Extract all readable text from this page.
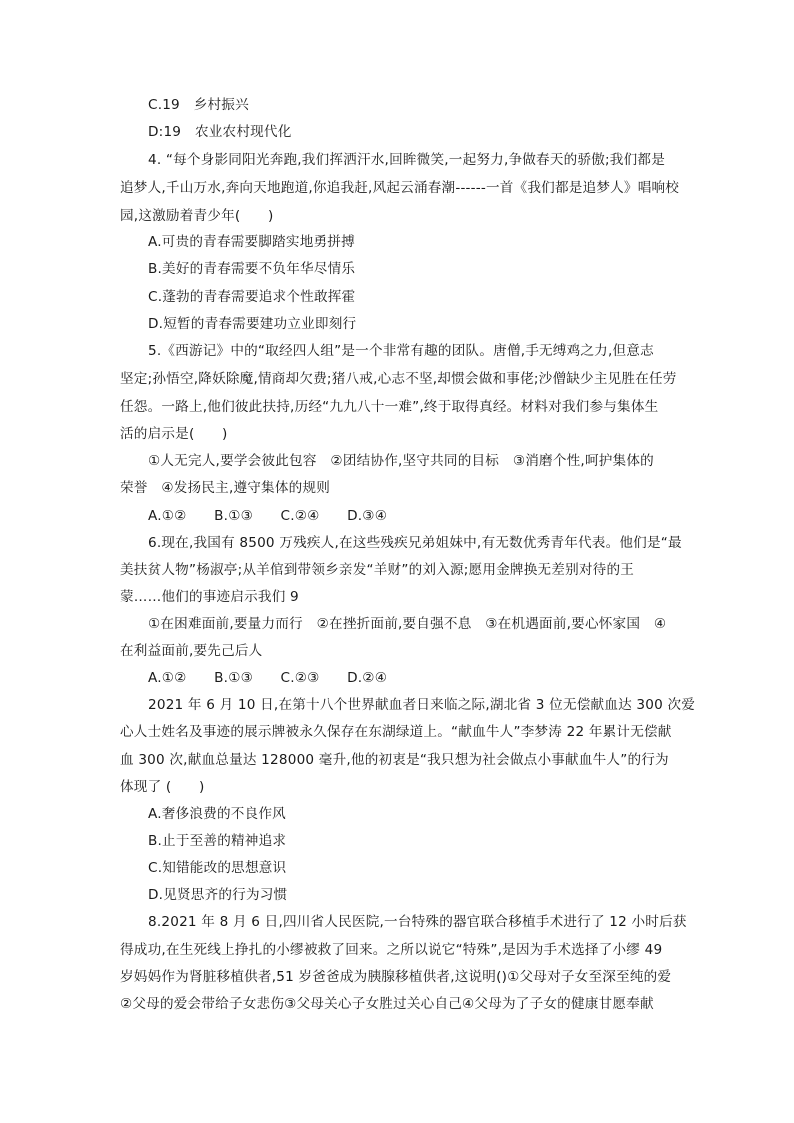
C.19　乡村振兴
D:19　农业农村现代化
4. “每个身影同阳光奔跑,我们挥洒汗水,回眸微笑,一起努力,争做春天的骄傲;我们都是
追梦人,千山万水,奔向天地跑道,你追我赶,风起云涌春潮------一首《我们都是追梦人》唱响校
园,这激励着青少年(　　)
A.可贵的青春需要脚踏实地勇拼搏
B.美好的青春需要不负年华尽情乐
C.蓬勃的青春需要追求个性敢挥霍
D.短暂的青春需要建功立业即刻行
5.《西游记》中的“取经四人组”是一个非常有趣的团队。唐僧,手无缚鸡之力,但意志
坚定;孙悟空,降妖除魔,情商却欠费;猪八戒,心志不坚,却惯会做和事佬;沙僧缺少主见胜在任劳
任怨。一路上,他们彼此扶持,历经“九九八十一难”,终于取得真经。材料对我们参与集体生
活的启示是(　　)
①人无完人,要学会彼此包容　②团结协作,坚守共同的目标　③消磨个性,呵护集体的
荣誉　④发扬民主,遵守集体的规则
A.①②　　B.①③　　C.②④　　D.③④
6.现在,我国有 8500 万残疾人,在这些残疾兄弟姐妹中,有无数优秀青年代表。他们是“最
美扶贫人物”杨淑亭;从羊倌到带领乡亲发“羊财”的刘入源;愿用金牌换无差别对待的王
蒙……他们的事迹启示我们 9
①在困难面前,要量力而行　②在挫折面前,要自强不息　③在机遇面前,要心怀家国　④
在利益面前,要先己后人
A.①②　　B.①③　　C.②③　　D.②④
2021 年 6 月 10 日,在第十八个世界献血者日来临之际,湖北省 3 位无偿献血达 300 次爱
心人士姓名及事迹的展示牌被永久保存在东湖绿道上。“献血牛人”李梦涛 22 年累计无偿献
血 300 次,献血总量达 128000 毫升,他的初衷是“我只想为社会做点小事献血牛人”的行为
体现了 (　　)
A.奢侈浪费的不良作风
B.止于至善的精神追求
C.知错能改的思想意识
D.见贤思齐的行为习惯
8.2021 年 8 月 6 日,四川省人民医院,一台特殊的器官联合移植手术进行了 12 小时后获
得成功,在生死线上挣扎的小缪被救了回来。之所以说它“特殊”,是因为手术选择了小缪 49
岁妈妈作为肾脏移植供者,51 岁爸爸成为胰腺移植供者,这说明()①父母对子女至深至纯的爱
②父母的爱会带给子女悲伤③父母关心子女胜过关心自己④父母为了子女的健康甘愿奉献
